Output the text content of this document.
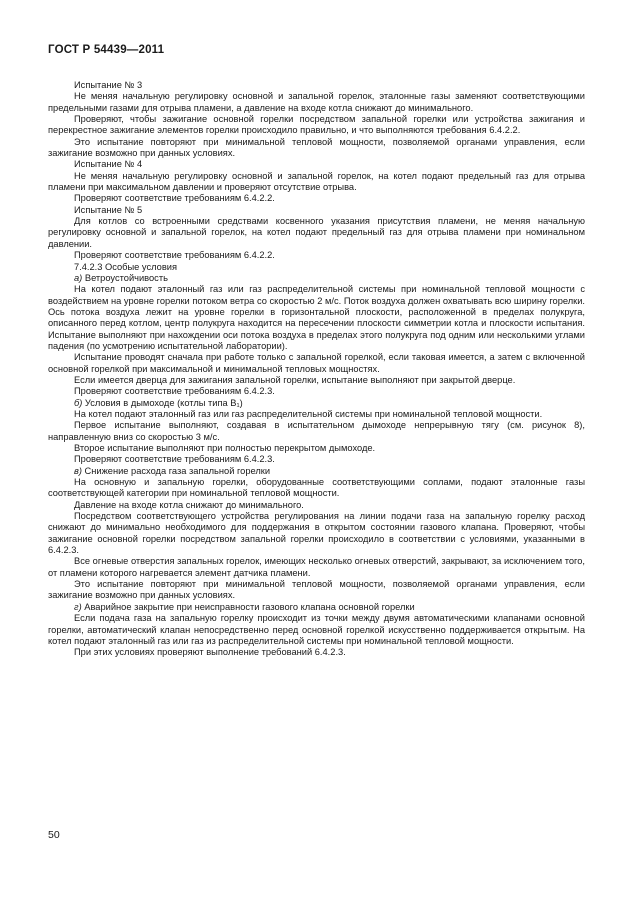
ГОСТ Р 54439—2011

Испытание № 3

Не меняя начальную регулировку основной и запальной горелок, эталонные газы заменяют соответствующими предельными газами для отрыва пламени, а давление на входе котла снижают до минимального.

Проверяют, чтобы зажигание основной горелки посредством запальной горелки или устройства зажигания и перекрестное зажигание элементов горелки происходило правильно, и что выполняются требования 6.4.2.2.

Это испытание повторяют при минимальной тепловой мощности, позволяемой органами управления, если зажигание возможно при данных условиях.

Испытание № 4

Не меняя начальную регулировку основной и запальной горелок, на котел подают предельный газ для отрыва пламени при максимальном давлении и проверяют отсутствие отрыва.

Проверяют соответствие требованиям 6.4.2.2.

Испытание № 5

Для котлов со встроенными средствами косвенного указания присутствия пламени, не меняя начальную регулировку основной и запальной горелок, на котел подают предельный газ для отрыва пламени при номинальном давлении.

Проверяют соответствие требованиям 6.4.2.2.

7.4.2.3 Особые условия

а) Ветроустойчивость

На котел подают эталонный газ или газ распределительной системы при номинальной тепловой мощности с воздействием на уровне горелки потоком ветра со скоростью 2 м/с. Поток воздуха должен охватывать всю ширину горелки. Ось потока воздуха лежит на уровне горелки в горизонтальной плоскости, расположенной в пределах полукруга, описанного перед котлом, центр полукруга находится на пересечении плоскости симметрии котла и плоскости испытания. Испытание выполняют при нахождении оси потока воздуха в пределах этого полукруга под одним или несколькими углами падения (по усмотрению испытательной лаборатории).

Испытание проводят сначала при работе только с запальной горелкой, если таковая имеется, а затем с включенной основной горелкой при максимальной и минимальной тепловых мощностях.

Если имеется дверца для зажигания запальной горелки, испытание выполняют при закрытой дверце.

Проверяют соответствие требованиям 6.4.2.3.

б) Условия в дымоходе (котлы типа B₁)

На котел подают эталонный газ или газ распределительной системы при номинальной тепловой мощности.

Первое испытание выполняют, создавая в испытательном дымоходе непрерывную тягу (см. рисунок 8), направленную вниз со скоростью 3 м/с.

Второе испытание выполняют при полностью перекрытом дымоходе.

Проверяют соответствие требованиям 6.4.2.3.

в) Снижение расхода газа запальной горелки

На основную и запальную горелки, оборудованные соответствующими соплами, подают эталонные газы соответствующей категории при номинальной тепловой мощности.

Давление на входе котла снижают до минимального.

Посредством соответствующего устройства регулирования на линии подачи газа на запальную горелку расход снижают до минимально необходимого для поддержания в открытом состоянии газового клапана. Проверяют, чтобы зажигание основной горелки посредством запальной горелки происходило в соответствии с условиями, указанными в 6.4.2.3.

Все огневые отверстия запальных горелок, имеющих несколько огневых отверстий, закрывают, за исключением того, от пламени которого нагревается элемент датчика пламени.

Это испытание повторяют при минимальной тепловой мощности, позволяемой органами управления, если зажигание возможно при данных условиях.

г) Аварийное закрытие при неисправности газового клапана основной горелки

Если подача газа на запальную горелку происходит из точки между двумя автоматическими клапанами основной горелки, автоматический клапан непосредственно перед основной горелкой искусственно поддерживается открытым. На котел подают эталонный газ или газ из распределительной системы при номинальной тепловой мощности.

При этих условиях проверяют выполнение требований 6.4.2.3.

50
